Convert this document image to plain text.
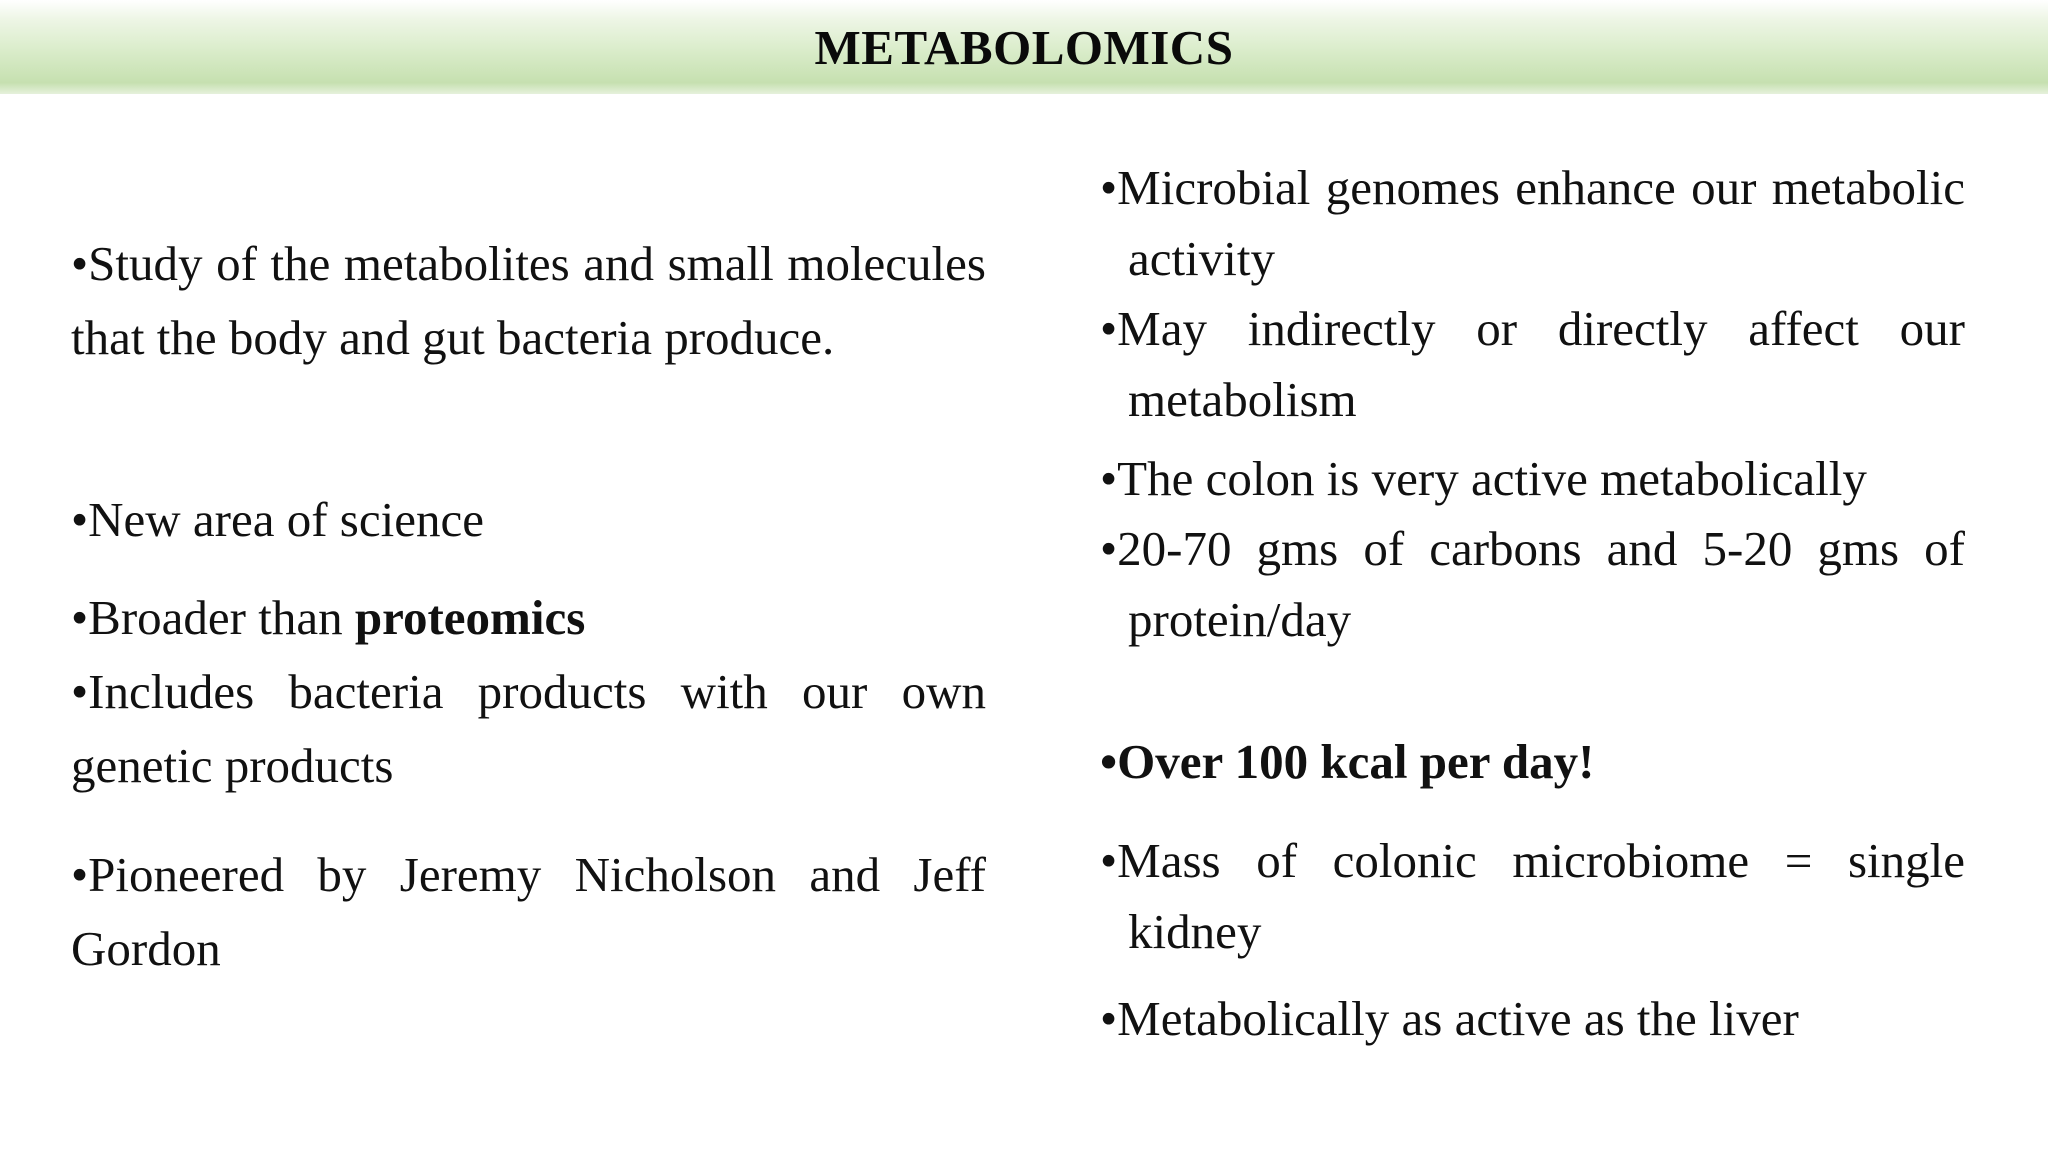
METABOLOMICS

•Study of the metabolites and small molecules that the body and gut bacteria produce.

•New area of science

•Broader than proteomics

•Includes bacteria products with our own genetic products

•Pioneered by Jeremy Nicholson and Jeff Gordon

•Microbial genomes enhance our metabolic activity

•May indirectly or directly affect our metabolism

•The colon is very active metabolically

•20-70 gms of carbons and 5-20 gms of protein/day

•Over 100 kcal per day!

•Mass of colonic microbiome = single kidney

•Metabolically as active as the liver
